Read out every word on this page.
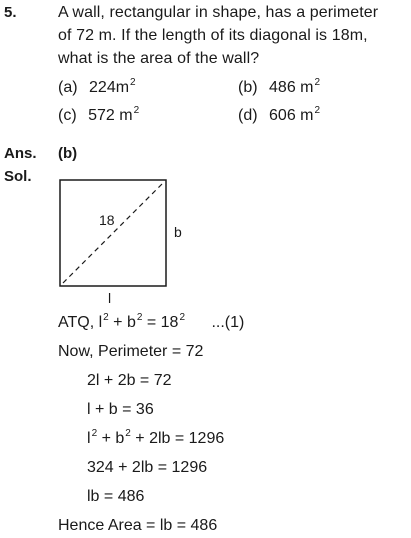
5.	A wall, rectangular in shape, has a perimeter
of 72 m. If the length of its diagonal is 18m,
what is the area of the wall?
(a) $224m^2$	(b) 486 $m^2$
(c) 572 $m^2$	(d) 606 $m^2$
Ans. (b)
Sol.
18
b
l
ATQ, $l^2 + b^2 = 18^2$ ...(1)
Now, Perimeter = 72
2l + 2b = 72
l + b = 36
$l^2 + b^2 + 2lb = 1296$
324 + 2lb = 1296
lb = 486
Hence Area = lb = 486
